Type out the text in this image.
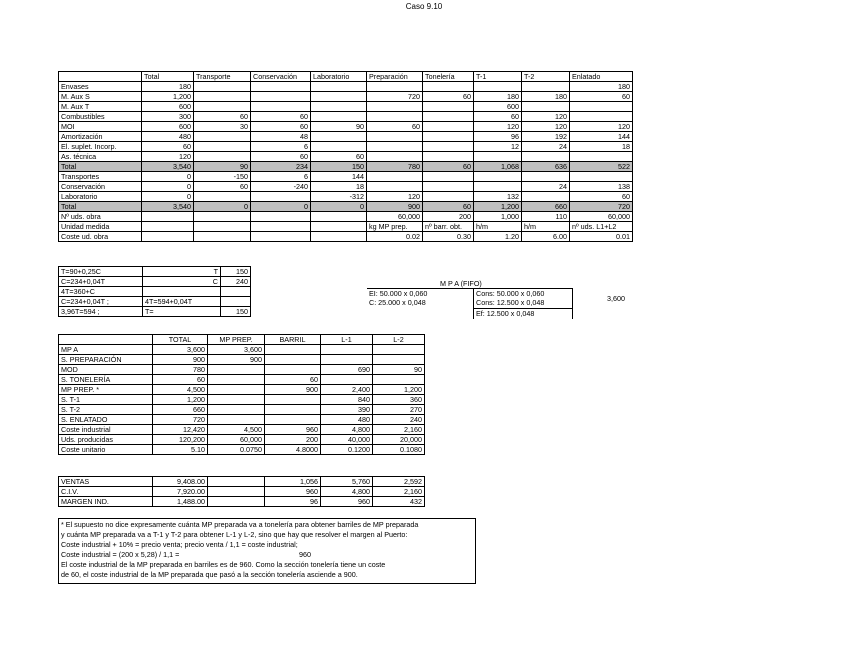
Caso 9.10
	Total	Transporte	Conservación	Laboratorio	Preparación	Tonelería	T-1	T-2	Enlatado
Envases	180								180
M. Aux S	1,200				720	60	180	180	60
M. Aux T	600						600		
Combustibles	300	60	60				60	120	
MOI	600	30	60	90	60		120	120	120
Amortización	480		48				96	192	144
El. suplet. Incorp.	60		6				12	24	18
As. técnica	120		60	60					
Total	3,540	90	234	150	780	60	1,068	636	522
Transportes	0	-150	6	144					
Conservación	0	60	-240	18				24	138
Laboratorio	0			-312	120		132		60
Total	3,540	0	0	0	900	60	1,200	660	720
Nº uds. obra					60,000	200	1,000	110	60,000
Unidad medida					kg MP prep.	nº barr. obt.	h/m	h/m	nº uds. L1+L2
Coste ud. obra					0.02	0.30	1.20	6.00	0.01
T=90+0,25C	T	150
C=234+0,04T	C	240
4T=360+C		
C=234+0,04T ;	4T=594+0,04T	
3,96T=594 ;	T=	150
M P A (FIFO)
EI: 50.000 x 0,060
C: 25.000 x 0,048
Cons: 50.000 x 0,060
Cons: 12.500 x 0,048
Ef: 12.500 x 0,048
3,600
	TOTAL	MP PREP.	BARRIL	L-1	L-2
MP A	3,600	3,600			
S. PREPARACIÓN	900	900			
MOD	780			690	90
S. TONELERÍA	60		60		
MP PREP. *	4,500		900	2,400	1,200
S. T-1	1,200			840	360
S. T-2	660			390	270
S. ENLATADO	720			480	240
Coste industrial	12,420	4,500	960	4,800	2,160
Uds. producidas	120,200	60,000	200	40,000	20,000
Coste unitario	5.10	0.0750	4.8000	0.1200	0.1080
VENTAS	9,408.00		1,056	5,760	2,592
C.I.V.	7,920.00		960	4,800	2,160
MARGEN IND.	1,488.00		96	960	432
* El supuesto no dice expresamente cuánta MP preparada va a tonelería para obtener barriles de MP preparada
y cuánta MP preparada va a T-1 y T-2 para obtener L-1 y L-2, sino que hay que resolver el margen al Puerto:
Coste industrial + 10% = precio venta; precio venta / 1,1 = coste industrial;
Coste industrial = (200 x 5,28) / 1,1 =	960
El coste industrial de la MP preparada en barriles es de 960. Como la sección tonelería tiene un coste
de 60, el coste industrial de la MP preparada que pasó a la sección tonelería asciende a 900.
